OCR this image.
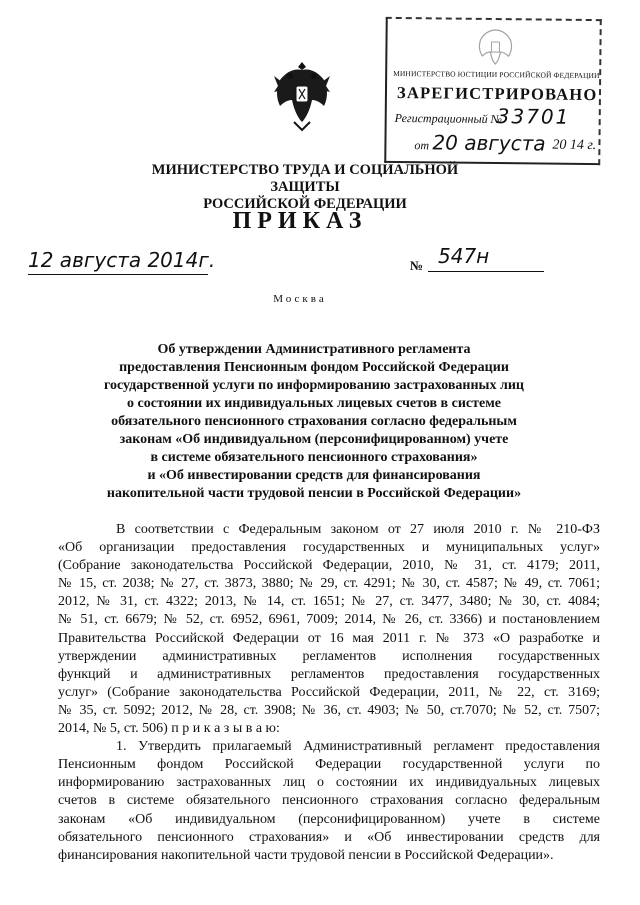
МИНИСТЕРСТВО ЮСТИЦИИ РОССИЙСКОЙ ФЕДЕРАЦИИ
ЗАРЕГИСТРИРОВАНО
Регистрационный №
33701
от 20 августа 20 14 г.
МИНИСТЕРСТВО ТРУДА И СОЦИАЛЬНОЙ ЗАЩИТЫ
РОССИЙСКОЙ ФЕДЕРАЦИИ
ПРИКАЗ
12 августа 2014г.	№ 547н
Москва
Об утверждении Административного регламента
предоставления Пенсионным фондом Российской Федерации
государственной услуги по информированию застрахованных лиц
о состоянии их индивидуальных лицевых счетов в системе
обязательного пенсионного страхования согласно федеральным
законам «Об индивидуальном (персонифицированном) учете
в системе обязательного пенсионного страхования»
и «Об инвестировании средств для финансирования
накопительной части трудовой пенсии в Российской Федерации»
В соответствии с Федеральным законом от 27 июля 2010 г. № 210-ФЗ
«Об организации предоставления государственных и муниципальных услуг»
(Собрание законодательства Российской Федерации, 2010, № 31, ст. 4179; 2011,
№ 15, ст. 2038; № 27, ст. 3873, 3880; № 29, ст. 4291; № 30, ст. 4587; № 49, ст. 7061;
2012, № 31, ст. 4322; 2013, № 14, ст. 1651; № 27, ст. 3477, 3480; № 30, ст. 4084;
№ 51, ст. 6679; № 52, ст. 6952, 6961, 7009; 2014, № 26, ст. 3366) и постановлением
Правительства Российской Федерации от 16 мая 2011 г. № 373 «О разработке и
утверждении административных регламентов исполнения государственных
функций и административных регламентов предоставления государственных
услуг» (Собрание законодательства Российской Федерации, 2011, № 22, ст. 3169;
№ 35, ст. 5092; 2012, № 28, ст. 3908; № 36, ст. 4903; № 50, ст.7070; № 52, ст. 7507;
2014, № 5, ст. 506) п р и к а з ы в а ю:
1. Утвердить прилагаемый Административный регламент предоставления
Пенсионным фондом Российской Федерации государственной услуги по
информированию застрахованных лиц о состоянии их индивидуальных лицевых
счетов в системе обязательного пенсионного страхования согласно федеральным
законам «Об индивидуальном (персонифицированном) учете в системе
обязательного пенсионного страхования» и «Об инвестировании средств для
финансирования накопительной части трудовой пенсии в Российской Федерации».
